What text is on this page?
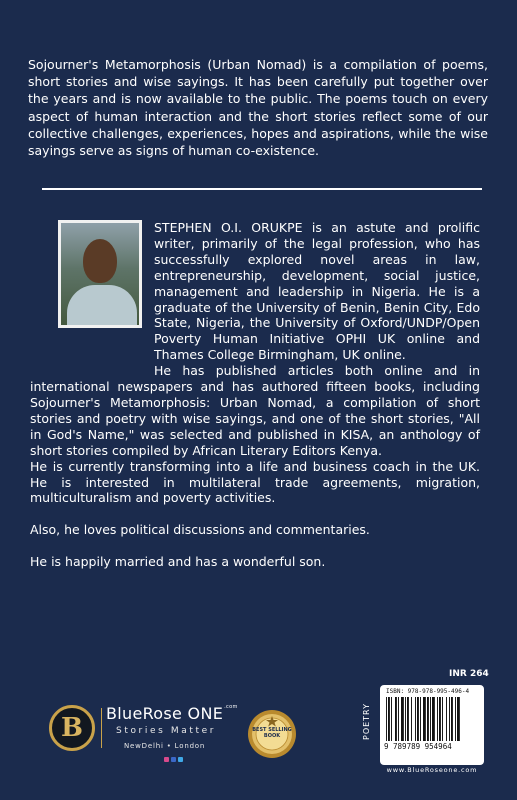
Sojourner's Metamorphosis (Urban Nomad) is a compilation of poems, short stories and wise sayings. It has been carefully put together over the years and is now available to the public. The poems touch on every aspect of human interaction and the short stories reflect some of our collective challenges, experiences, hopes and aspirations, while the wise sayings serve as signs of human co-existence.

STEPHEN O.I. ORUKPE is an astute and prolific writer, primarily of the legal profession, who has successfully explored novel areas in law, entrepreneurship, development, social justice, management and leadership in Nigeria. He is a graduate of the University of Benin, Benin City, Edo State, Nigeria, the University of Oxford/UNDP/Open Poverty Human Initiative OPHI UK online and Thames College Birmingham, UK online.

He has published articles both online and in international newspapers and has authored fifteen books, including Sojourner's Metamorphosis: Urban Nomad, a compilation of short stories and poetry with wise sayings, and one of the short stories, "All in God's Name," was selected and published in KISA, an anthology of short stories compiled by African Literary Editors Kenya.

He is currently transforming into a life and business coach in the UK. He is interested in multilateral trade agreements, migration, multiculturalism and poverty activities.

Also, he loves political discussions and commentaries.

He is happily married and has a wonderful son.

B BlueRose $ONE^{.com}$
Stories Matter
NewDelhi • London
BEST SELLING BOOK	POETRY
INR 264
ISBN: 978-978-995-496-4
9 789789 954964
www.BlueRoseone.com
